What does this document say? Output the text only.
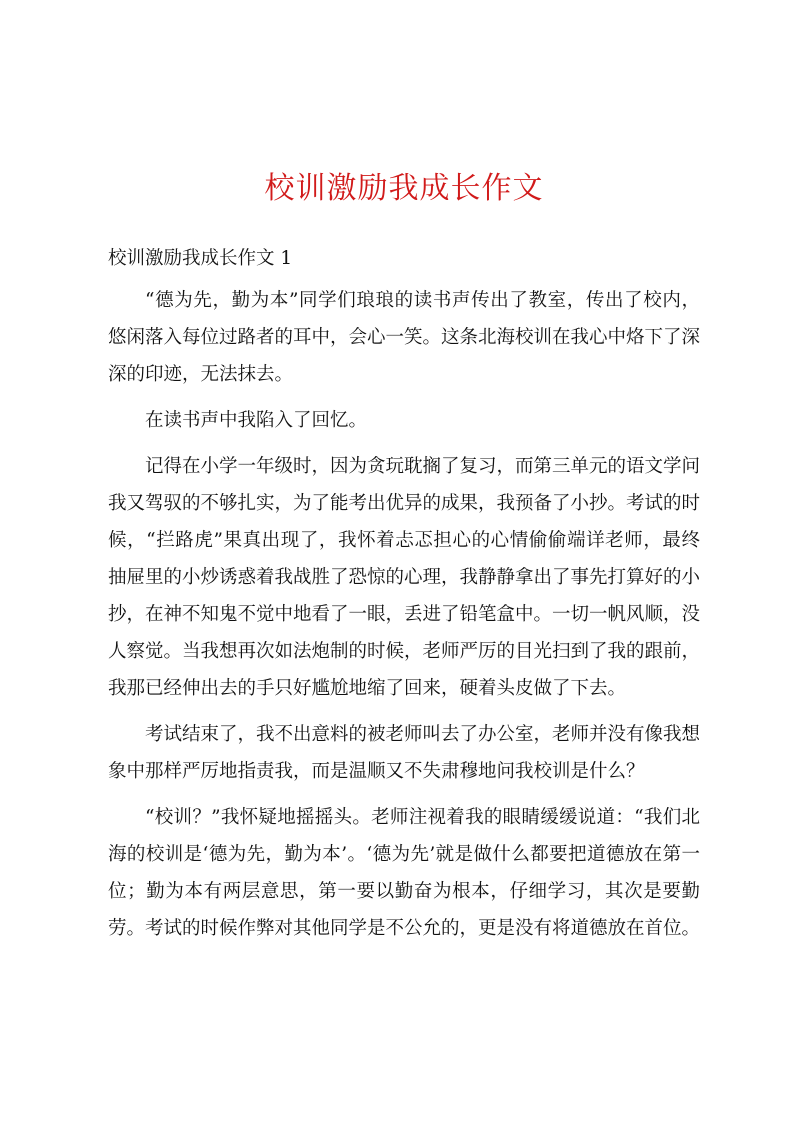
校训激励我成长作文

校训激励我成长作文 1

“德为先，勤为本”同学们琅琅的读书声传出了教室，传出了校内，悠闲落入每位过路者的耳中，会心一笑。这条北海校训在我心中烙下了深深的印迹，无法抹去。

在读书声中我陷入了回忆。

记得在小学一年级时，因为贪玩耽搁了复习，而第三单元的语文学问我又驾驭的不够扎实，为了能考出优异的成果，我预备了小抄。考试的时候，“拦路虎”果真出现了，我怀着忐忑担心的心情偷偷端详老师，最终抽屉里的小炒诱惑着我战胜了恐惊的心理，我静静拿出了事先打算好的小抄，在神不知鬼不觉中地看了一眼，丢进了铅笔盒中。一切一帆风顺，没人察觉。当我想再次如法炮制的时候，老师严厉的目光扫到了我的跟前，我那已经伸出去的手只好尴尬地缩了回来，硬着头皮做了下去。

考试结束了，我不出意料的被老师叫去了办公室，老师并没有像我想象中那样严厉地指责我，而是温顺又不失肃穆地问我校训是什么？

“校训？”我怀疑地摇摇头。老师注视着我的眼睛缓缓说道：“我们北海的校训是‘德为先，勤为本’。‘德为先’就是做什么都要把道德放在第一位；勤为本有两层意思，第一要以勤奋为根本，仔细学习，其次是要勤劳。考试的时候作弊对其他同学是不公允的，更是没有将道德放在首位。
